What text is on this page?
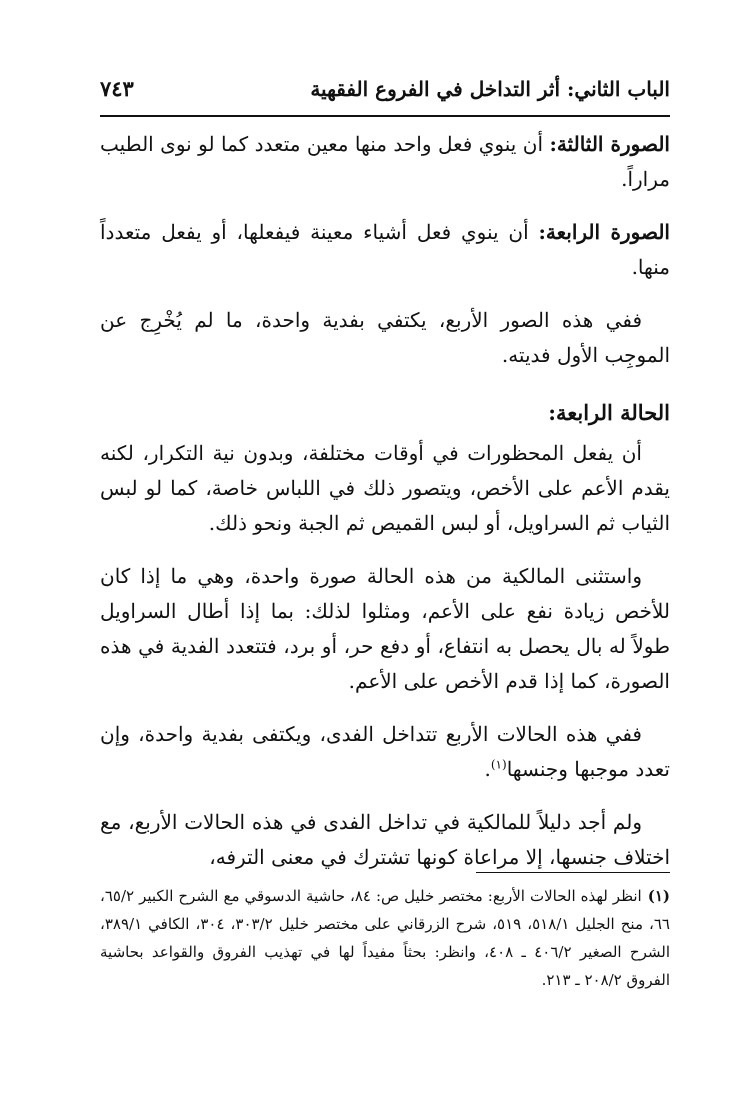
الباب الثاني: أثر التداخل في الفروع الفقهية
٧٤٣

الصورة الثالثة: أن ينوي فعل واحد منها معين متعدد كما لو نوى الطيب مراراً.

الصورة الرابعة: أن ينوي فعل أشياء معينة فيفعلها، أو يفعل متعدداً منها.

ففي هذه الصور الأربع، يكتفي بفدية واحدة، ما لم يُخْرِج عن الموجِب الأول فديته.

الحالة الرابعة:

أن يفعل المحظورات في أوقات مختلفة، وبدون نية التكرار، لكنه يقدم الأعم على الأخص، ويتصور ذلك في اللباس خاصة، كما لو لبس الثياب ثم السراويل، أو لبس القميص ثم الجبة ونحو ذلك.

واستثنى المالكية من هذه الحالة صورة واحدة، وهي ما إذا كان للأخص زيادة نفع على الأعم، ومثلوا لذلك: بما إذا أطال السراويل طولاً له بال يحصل به انتفاع، أو دفع حر، أو برد، فتتعدد الفدية في هذه الصورة، كما إذا قدم الأخص على الأعم.

ففي هذه الحالات الأربع تتداخل الفدى، ويكتفى بفدية واحدة، وإن تعدد موجبها وجنسها$^{(١)}$.

ولم أجد دليلاً للمالكية في تداخل الفدى في هذه الحالات الأربع، مع اختلاف جنسها، إلا مراعاة كونها تشترك في معنى الترفه،

(١)انظر لهذه الحالات الأربع: مختصر خليل ص: ٨٤، حاشية الدسوقي مع الشرح الكبير ٦٥/٢، ٦٦، منح الجليل ٥١٨/١، ٥١٩، شرح الزرقاني على مختصر خليل ٣٠٣/٢، ٣٠٤، الكافي ٣٨٩/١، الشرح الصغير ٤٠٦/٢ ـ ٤٠٨، وانظر: بحثاً مفيداً لها في تهذيب الفروق والقواعد بحاشية الفروق ٢٠٨/٢ ـ ٢١٣.
